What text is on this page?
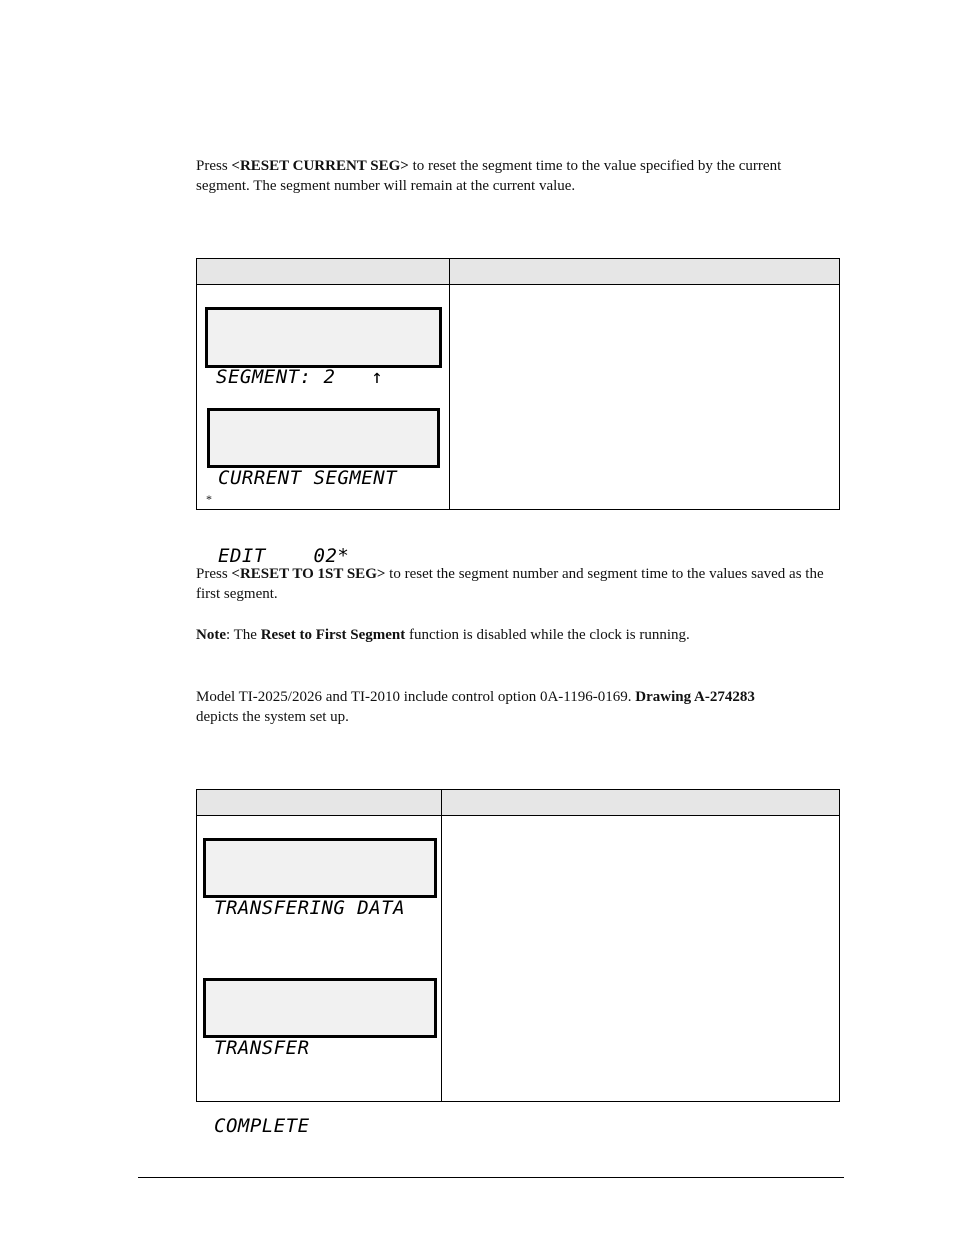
Press <RESET CURRENT SEG> to reset the segment time to the value specified by the current segment. The segment number will remain at the current value.

SEGMENT: 2   ↑

CURRENT SEGMENT

EDIT    02*

*

Press <RESET TO 1ST SEG> to reset the segment number and segment time to the values saved as the first segment.

Note: The Reset to First Segment function is disabled while the clock is running.

Model TI-2025/2026 and TI-2010 include control option 0A-1196-0169. Drawing A-274283 depicts the system set up.

TRANSFERING DATA

TRANSFER

COMPLETE
